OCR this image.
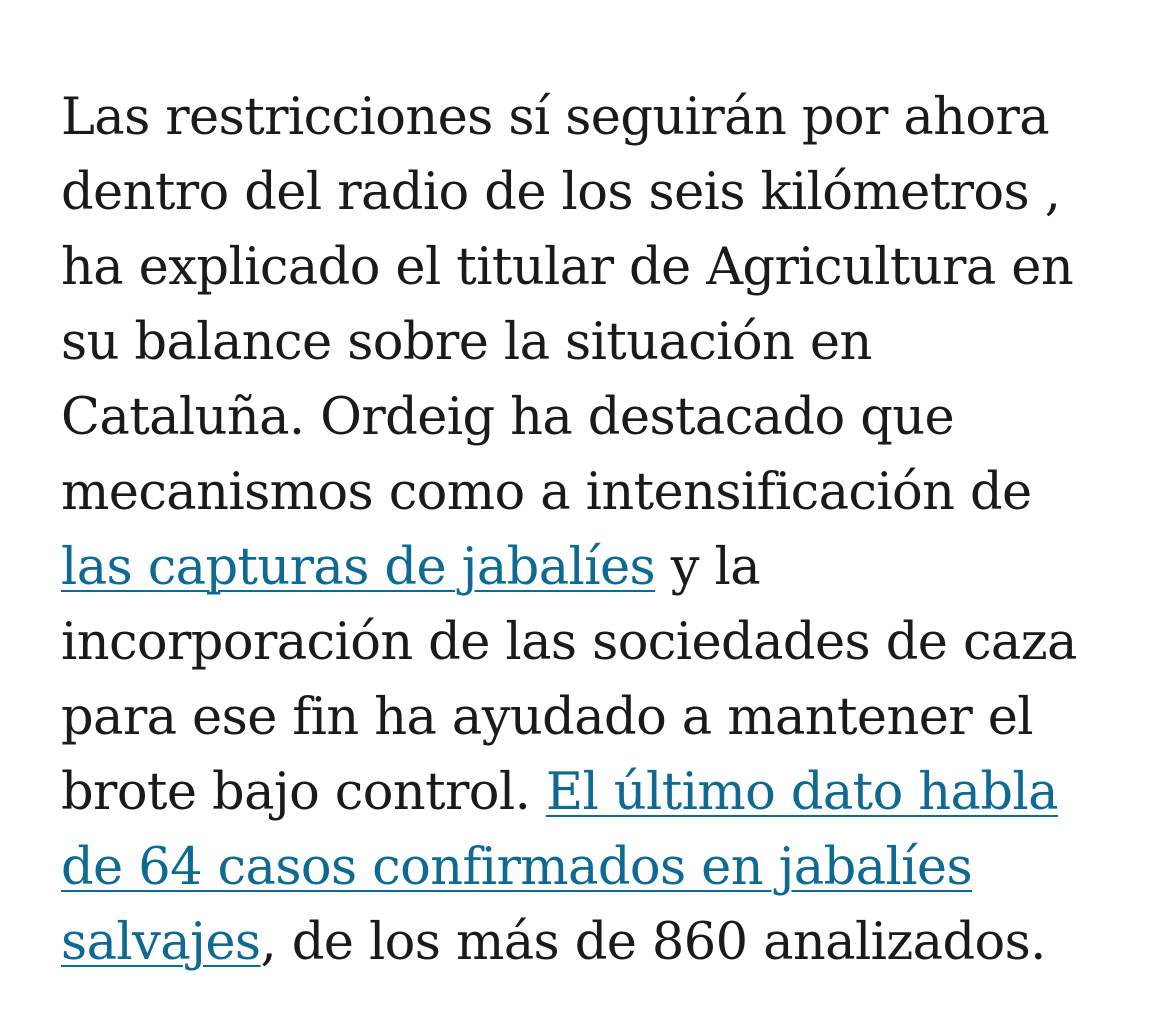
Las restricciones sí seguirán por ahora
dentro del radio de los seis kilómetros ,
ha explicado el titular de Agricultura en
su balance sobre la situación en
Cataluña. Ordeig ha destacado que
mecanismos como a intensificación de
las capturas de jabalíes y la
incorporación de las sociedades de caza
para ese fin ha ayudado a mantener el
brote bajo control. El último dato habla
de 64 casos confirmados en jabalíes
salvajes, de los más de 860 analizados.
